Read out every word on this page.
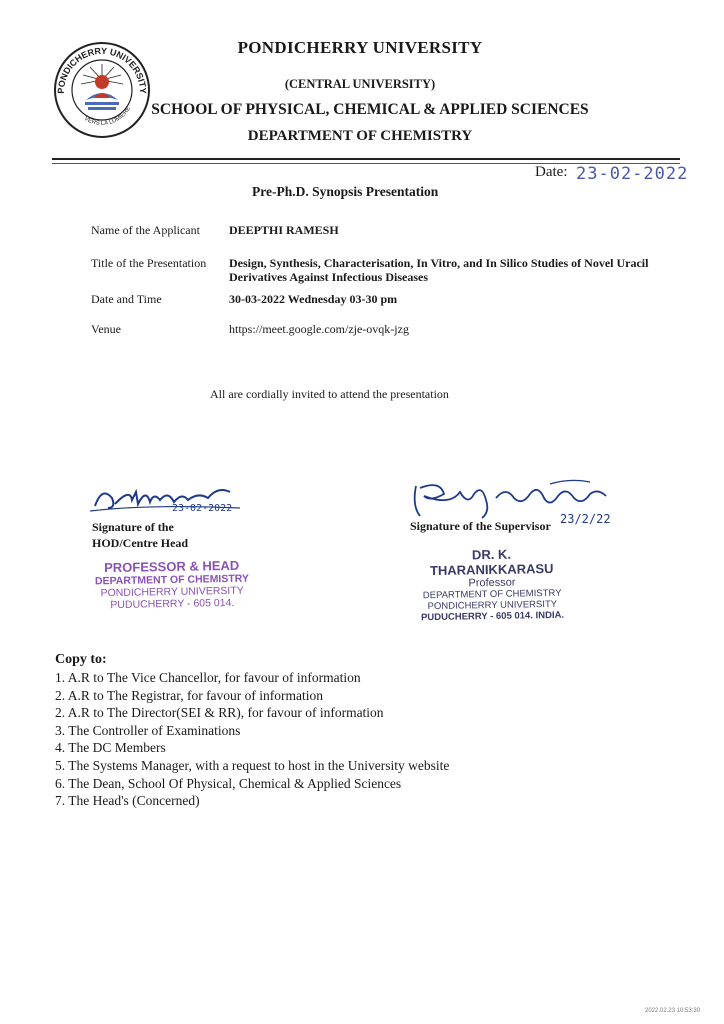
PONDICHERRY UNIVERSITY
VERS LA LUMIERE
PONDICHERRY UNIVERSITY
(CENTRAL UNIVERSITY)
SCHOOL OF PHYSICAL, CHEMICAL & APPLIED SCIENCES
DEPARTMENT OF CHEMISTRY
Date: 23-02-2022
Pre-Ph.D. Synopsis Presentation
Name of the Applicant DEEPTHI RAMESH
Title of the Presentation Design, Synthesis, Characterisation, In Vitro, and In Silico Studies of Novel Uracil Derivatives Against Infectious Diseases
Date and Time	30-03-2022 Wednesday 03-30 pm
Venue	https://meet.google.com/zje-ovqk-jzg
All are cordially invited to attend the presentation
23-02-2022
Signature of the
HOD/Centre Head
PROFESSOR & HEAD
DEPARTMENT OF CHEMISTRY
PONDICHERRY UNIVERSITY
PUDUCHERRY - 605 014.
23/2/22
Signature of the Supervisor
DR. K. THARANIKKARASU
Professor
DEPARTMENT OF CHEMISTRY
PONDICHERRY UNIVERSITY
PUDUCHERRY - 605 014. INDIA.
Copy to:
1. A.R to The Vice Chancellor, for favour of information
2. A.R to The Registrar, for favour of information
2. A.R to The Director(SEI & RR), for favour of information
3. The Controller of Examinations
4. The DC Members
5. The Systems Manager, with a request to host in the University website
6. The Dean, School Of Physical, Chemical & Applied Sciences
7. The Head's (Concerned)
2022.02.23 10:53:30
